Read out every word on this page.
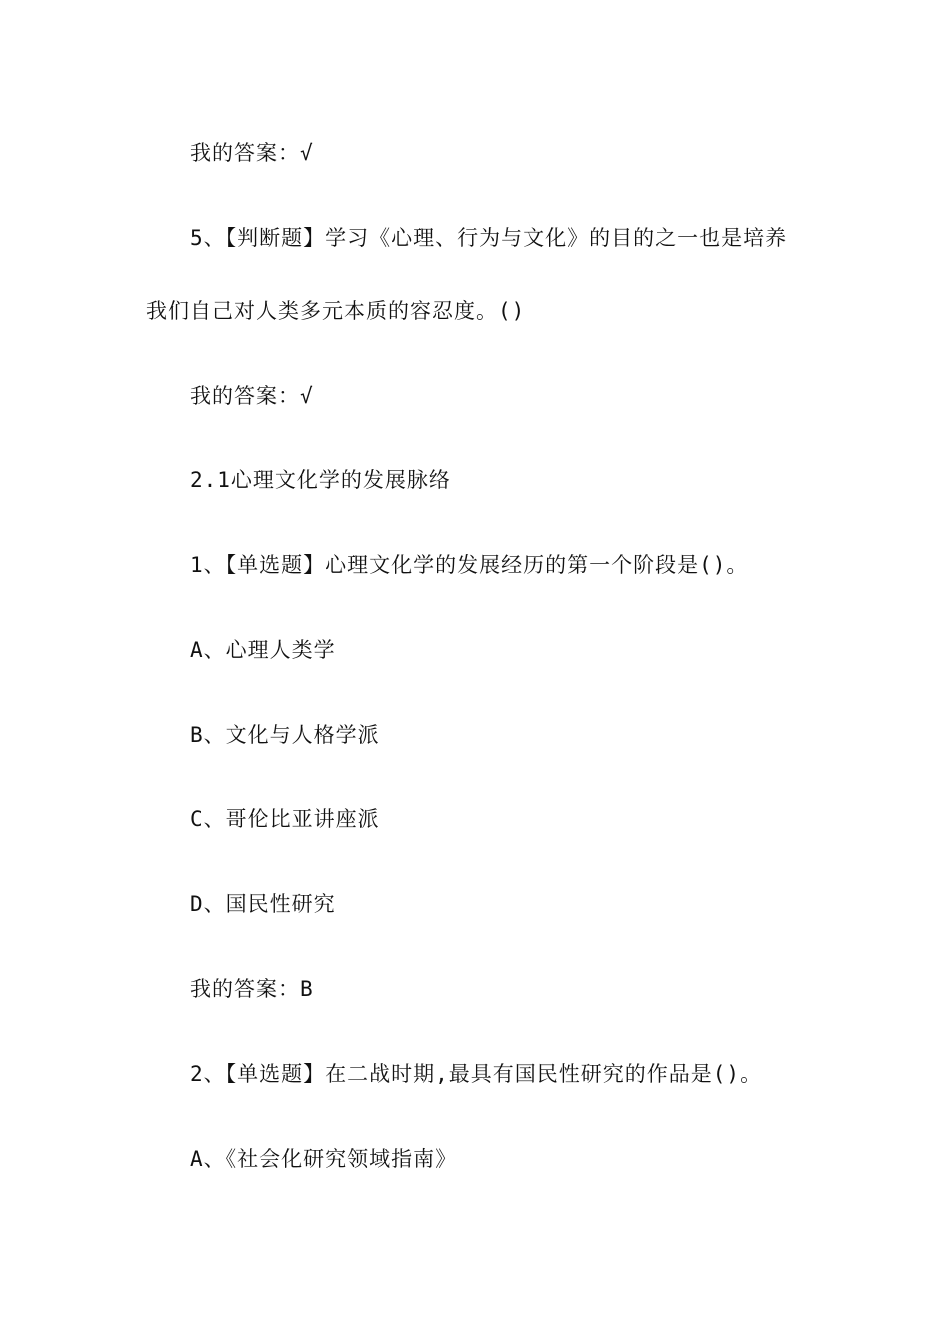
我的答案：√

5、【判断题】学习《心理、行为与文化》的目的之一也是培养

我们自己对人类多元本质的容忍度。()

我的答案：√

2.1心理文化学的发展脉络

1、【单选题】心理文化学的发展经历的第一个阶段是()。

A、心理人类学

B、文化与人格学派

C、哥伦比亚讲座派

D、国民性研究

我的答案：B

2、【单选题】在二战时期,最具有国民性研究的作品是()。

A、《社会化研究领域指南》
